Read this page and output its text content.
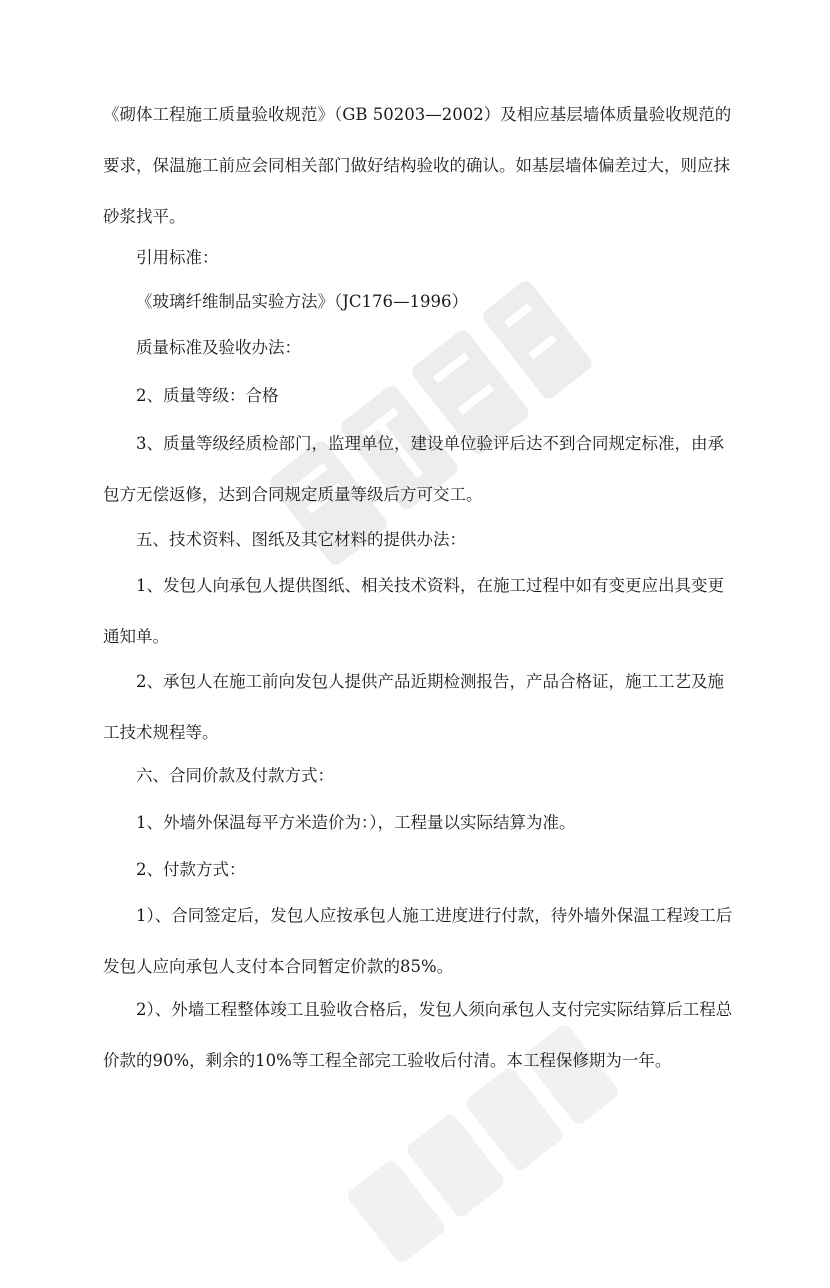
《砌体工程施工质量验收规范》（GB 50203—2002）及相应基层墙体质量验收规范的要求，保温施工前应会同相关部门做好结构验收的确认。如基层墙体偏差过大，则应抹砂浆找平。

引用标准：

《玻璃纤维制品实验方法》（JC176—1996）

质量标准及验收办法：

2、质量等级：合格

3、质量等级经质检部门，监理单位，建设单位验评后达不到合同规定标准，由承包方无偿返修，达到合同规定质量等级后方可交工。

五、技术资料、图纸及其它材料的提供办法：

1、发包人向承包人提供图纸、相关技术资料，在施工过程中如有变更应出具变更通知单。

2、承包人在施工前向发包人提供产品近期检测报告，产品合格证，施工工艺及施工技术规程等。

六、合同价款及付款方式：

1、外墙外保温每平方米造价为：），工程量以实际结算为准。

2、付款方式：

1）、合同签定后，发包人应按承包人施工进度进行付款，待外墙外保温工程竣工后发包人应向承包人支付本合同暂定价款的85%。

2）、外墙工程整体竣工且验收合格后，发包人须向承包人支付完实际结算后工程总价款的90%，剩余的10%等工程全部完工验收后付清。本工程保修期为一年。
